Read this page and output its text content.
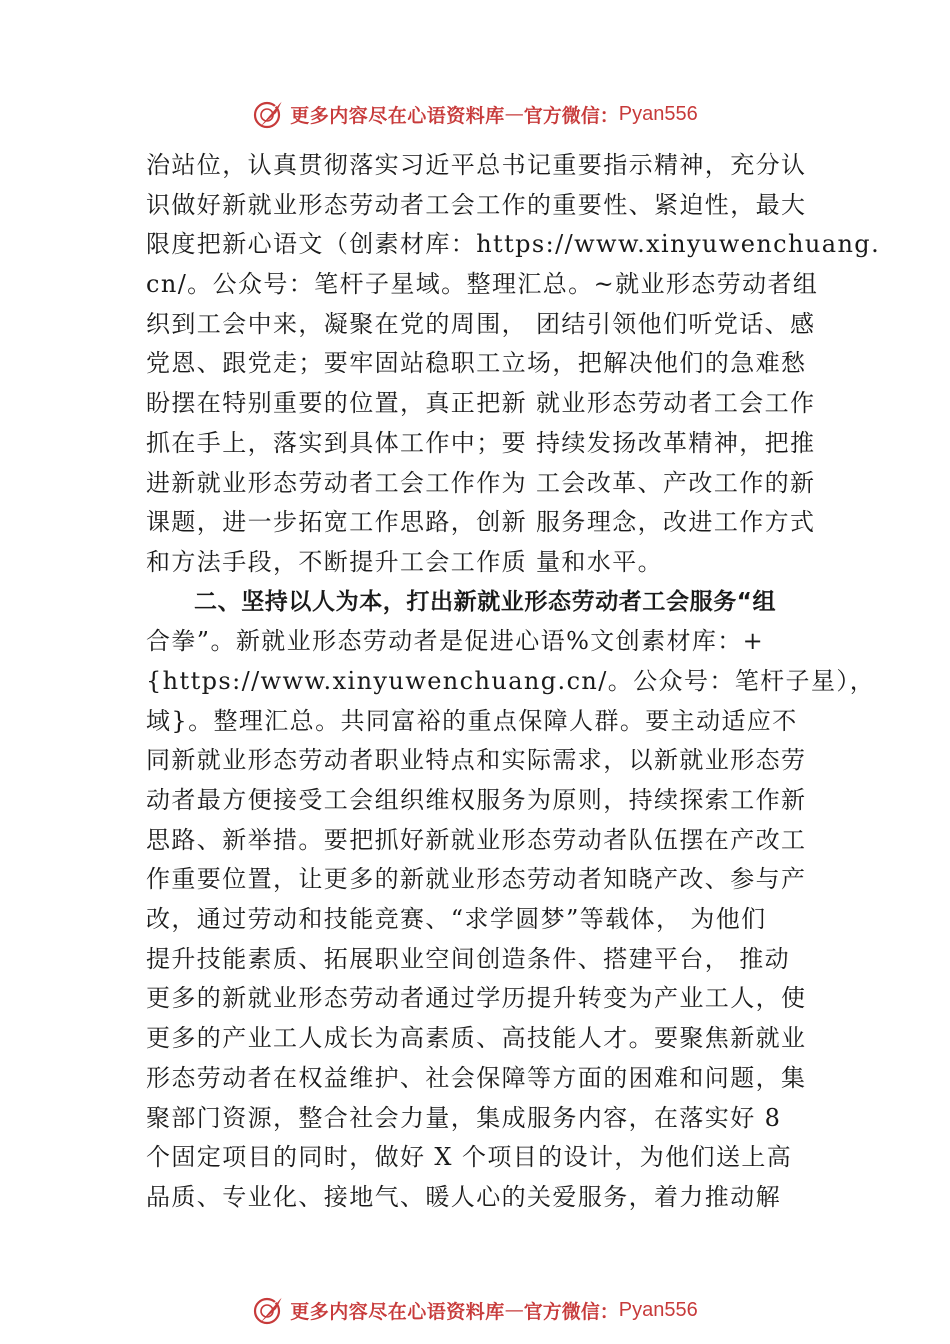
更多内容尽在心语资料库 — 官方微信： Pyan556
治站位，认真贯彻落实习近平总书记重要指示精神，充分认
识做好新就业形态劳动者工会工作的重要性、紧迫性，最大
限度把新心语文（创素材库：https://www.xinyuwenchuang.
cn/。公众号：笔杆子星域。整理汇总。~就业形态劳动者组
织到工会中来，凝聚在党的周围， 团结引领他们听党话、感
党恩、跟党走；要牢固站稳职工立场，把解决他们的急难愁
盼摆在特别重要的位置，真正把新 就业形态劳动者工会工作
抓在手上，落实到具体工作中；要 持续发扬改革精神，把推
进新就业形态劳动者工会工作作为 工会改革、产改工作的新
课题，进一步拓宽工作思路，创新 服务理念，改进工作方式
和方法手段，不断提升工会工作质 量和水平。
二、坚持以人为本，打出新就业形态劳动者工会服务“组
合拳”。新就业形态劳动者是促进心语%文创素材库：+
{https://www.xinyuwenchuang.cn/。公众号：笔杆子星），
域}。整理汇总。共同富裕的重点保障人群。要主动适应不
同新就业形态劳动者职业特点和实际需求，以新就业形态劳
动者最方便接受工会组织维权服务为原则，持续探索工作新
思路、新举措。要把抓好新就业形态劳动者队伍摆在产改工
作重要位置，让更多的新就业形态劳动者知晓产改、参与产
改，通过劳动和技能竞赛、“求学圆梦”等载体， 为他们
提升技能素质、拓展职业空间创造条件、搭建平台， 推动
更多的新就业形态劳动者通过学历提升转变为产业工人，使
更多的产业工人成长为高素质、高技能人才。要聚焦新就业
形态劳动者在权益维护、社会保障等方面的困难和问题，集
聚部门资源，整合社会力量，集成服务内容，在落实好 8
个固定项目的同时，做好 X 个项目的设计，为他们送上高
品质、专业化、接地气、暖人心的关爱服务，着力推动解
更多内容尽在心语资料库 — 官方微信： Pyan556
